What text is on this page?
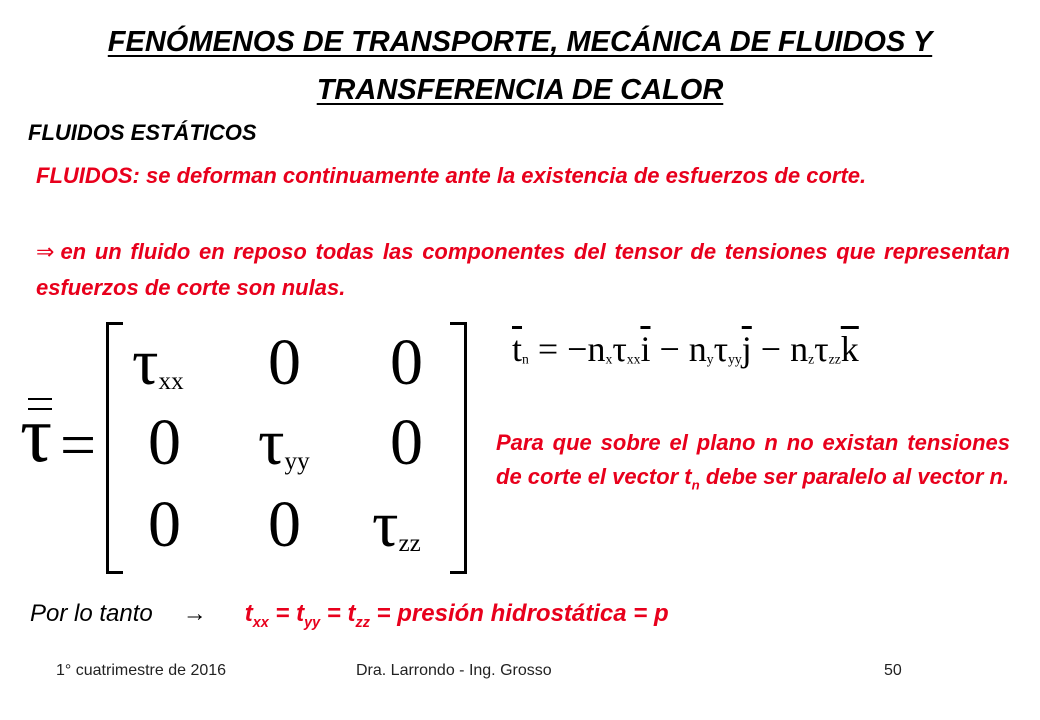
FENÓMENOS DE TRANSPORTE, MECÁNICA DE FLUIDOS Y
TRANSFERENCIA DE CALOR
FLUIDOS ESTÁTICOS
FLUIDOS: se deforman continuamente ante la existencia de esfuerzos de corte.
⇒ en un fluido en reposo todas las componentes del tensor de tensiones que representan esfuerzos de corte son nulas.
τ =
$\tau_{xx}$ 0 0
0 $\tau_{yy}$ 0
0 0 $\tau_{zz}$
$\overline{t}_n = -n_x\tau_{xx}\overline{i} - n_y\tau_{yy}\overline{j} - n_z\tau_{zz}\overline{k}$
Para que sobre el plano n no existan tensiones de corte el vector $t_n$ debe ser paralelo al vector n.
Por lo tanto → $t_{xx} = t_{yy} = t_{zz}$ = presión hidrostática = p
1° cuatrimestre de 2016	Dra. Larrondo - Ing. Grosso	50
